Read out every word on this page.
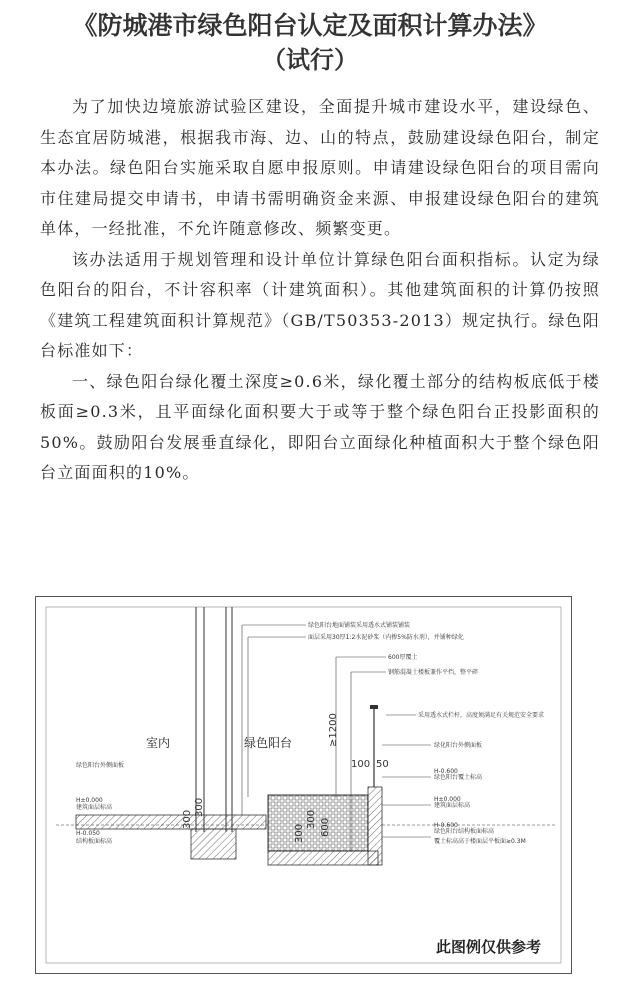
《防城港市绿色阳台认定及面积计算办法》
（试行）

为了加快边境旅游试验区建设，全面提升城市建设水平，建设绿色、生态宜居防城港，根据我市海、边、山的特点，鼓励建设绿色阳台，制定本办法。绿色阳台实施采取自愿申报原则。申请建设绿色阳台的项目需向市住建局提交申请书，申请书需明确资金来源、申报建设绿色阳台的建筑单体，一经批准，不允许随意修改、频繁变更。

该办法适用于规划管理和设计单位计算绿色阳台面积指标。认定为绿色阳台的阳台，不计容积率（计建筑面积）。其他建筑面积的计算仍按照《建筑工程建筑面积计算规范》（GB/T50353-2013）规定执行。绿色阳台标准如下：

一、绿色阳台绿化覆土深度≥0.6米，绿化覆土部分的结构板底低于楼板面≥0.3米，且平面绿化面积要大于或等于整个绿色阳台正投影面积的50%。鼓励阳台发展垂直绿化，即阳台立面绿化种植面积大于整个绿色阳台立面面积的10%。

绿色阳台地面铺装采用透水式铺装铺装
面层采用30厚1:2水泥砂浆（内掺5%防水剂），并铺种绿化
600厚覆土
钢筋混凝土楼板兼作平挡，整平碎
采用透水式栏杆，高度须满足有关规范安全要求
绿化阳台外侧面板
绿色阳台覆土标高
建筑面层标高
绿色阳台结构板面标高
覆土标高高于楼面层平板面≥0.3M
绿色阳台外侧面板
建筑面层标高
结构板面标高
H±0.000
H-0.050
H-0.600
H±0.000
H-0.600
室内	绿色阳台	≥1200
100 50
300
300
300
300 600
此图例仅供参考
